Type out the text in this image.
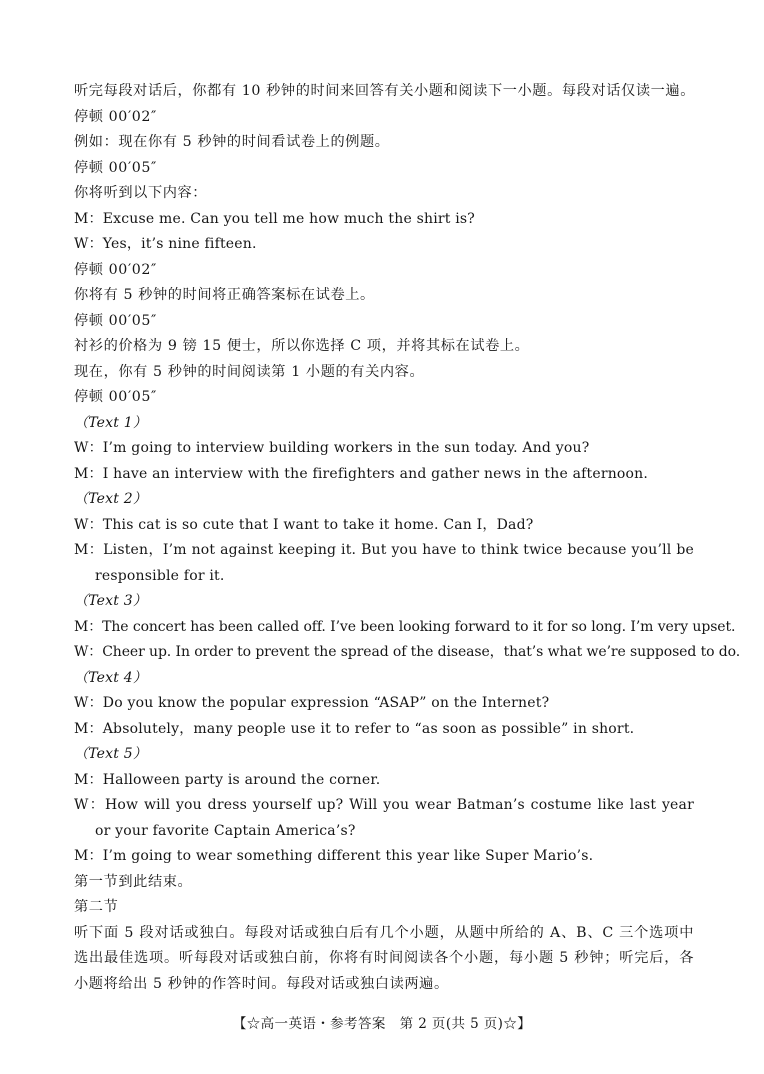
听完每段对话后，你都有 10 秒钟的时间来回答有关小题和阅读下一小题。每段对话仅读一遍。
停顿 00′02″
例如：现在你有 5 秒钟的时间看试卷上的例题。
停顿 00′05″
你将听到以下内容：
M：Excuse me. Can you tell me how much the shirt is?
W：Yes，it’s nine fifteen.
停顿 00′02″
你将有 5 秒钟的时间将正确答案标在试卷上。
停顿 00′05″
衬衫的价格为 9 镑 15 便士，所以你选择 C 项，并将其标在试卷上。
现在，你有 5 秒钟的时间阅读第 1 小题的有关内容。
停顿 00′05″
（Text 1）
W：I’m going to interview building workers in the sun today. And you?
M：I have an interview with the firefighters and gather news in the afternoon.
（Text 2）
W：This cat is so cute that I want to take it home. Can I，Dad?
M：Listen，I’m not against keeping it. But you have to think twice because you’ll be responsible for it.
（Text 3）
M：The concert has been called off. I’ve been looking forward to it for so long. I’m very upset.
W：Cheer up. In order to prevent the spread of the disease，that’s what we’re supposed to do.
（Text 4）
W：Do you know the popular expression “ASAP” on the Internet?
M：Absolutely，many people use it to refer to “as soon as possible” in short.
（Text 5）
M：Halloween party is around the corner.
W：How will you dress yourself up? Will you wear Batman’s costume like last year or your favorite Captain America’s?
M：I’m going to wear something different this year like Super Mario’s.
第一节到此结束。
第二节
听下面 5 段对话或独白。每段对话或独白后有几个小题，从题中所给的 A、B、C 三个选项中选出最佳选项。听每段对话或独白前，你将有时间阅读各个小题，每小题 5 秒钟；听完后，各小题将给出 5 秒钟的作答时间。每段对话或独白读两遍。
【☆高一英语・参考答案　第 2 页(共 5 页)☆】
